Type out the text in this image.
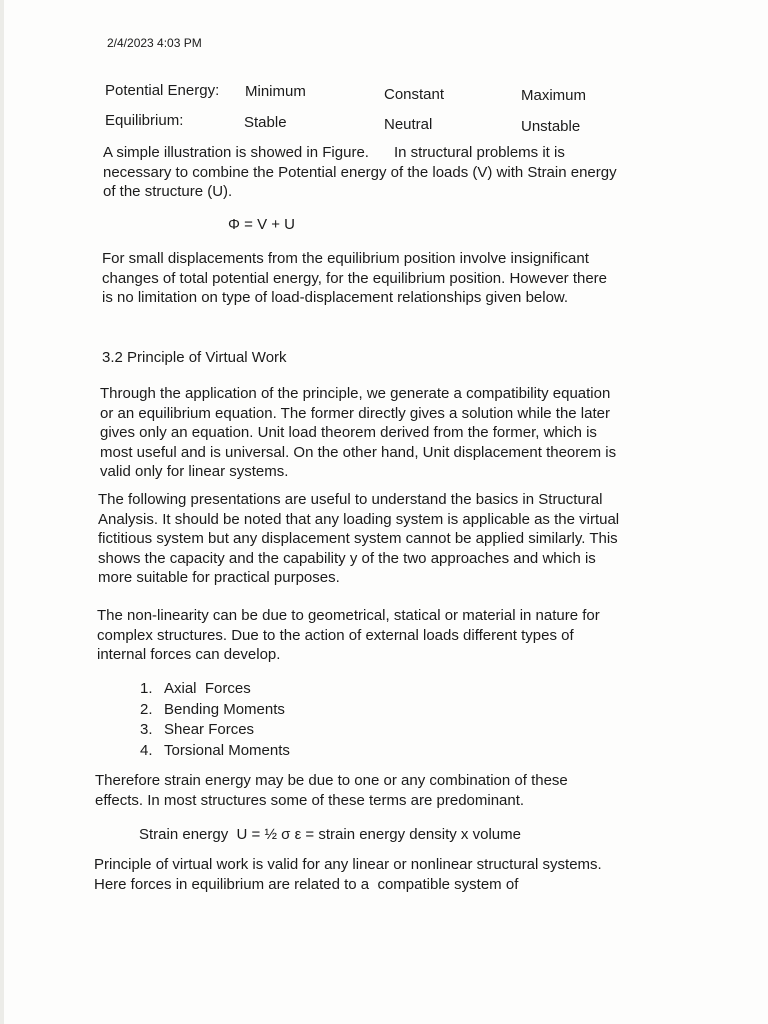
2/4/2023 4:03 PM
Potential Energy: Minimum	Constant	Maximum
Equilibrium:	Stable	Neutral	Unstable

A simple illustration is showed in Figure.      In structural problems it is
necessary to combine the Potential energy of the loads (V) with Strain energy
of the structure (U).

Φ = V + U

For small displacements from the equilibrium position involve insignificant
changes of total potential energy, for the equilibrium position. However there
is no limitation on type of load-displacement relationships given below.

3.2 Principle of Virtual Work

Through the application of the principle, we generate a compatibility equation
or an equilibrium equation. The former directly gives a solution while the later
gives only an equation. Unit load theorem derived from the former, which is
most useful and is universal. On the other hand, Unit displacement theorem is
valid only for linear systems.

The following presentations are useful to understand the basics in Structural
Analysis. It should be noted that any loading system is applicable as the virtual
fictitious system but any displacement system cannot be applied similarly. This
shows the capacity and the capability y of the two approaches and which is
more suitable for practical purposes.

The non-linearity can be due to geometrical, statical or material in nature for
complex structures. Due to the action of external loads different types of
internal forces can develop.

1. Axial  Forces
2. Bending Moments
3. Shear Forces
4. Torsional Moments

Therefore strain energy may be due to one or any combination of these
effects. In most structures some of these terms are predominant.

Strain energy  U = ½ σ ε = strain energy density x volume

Principle of virtual work is valid for any linear or nonlinear structural systems.
Here forces in equilibrium are related to a  compatible system of
